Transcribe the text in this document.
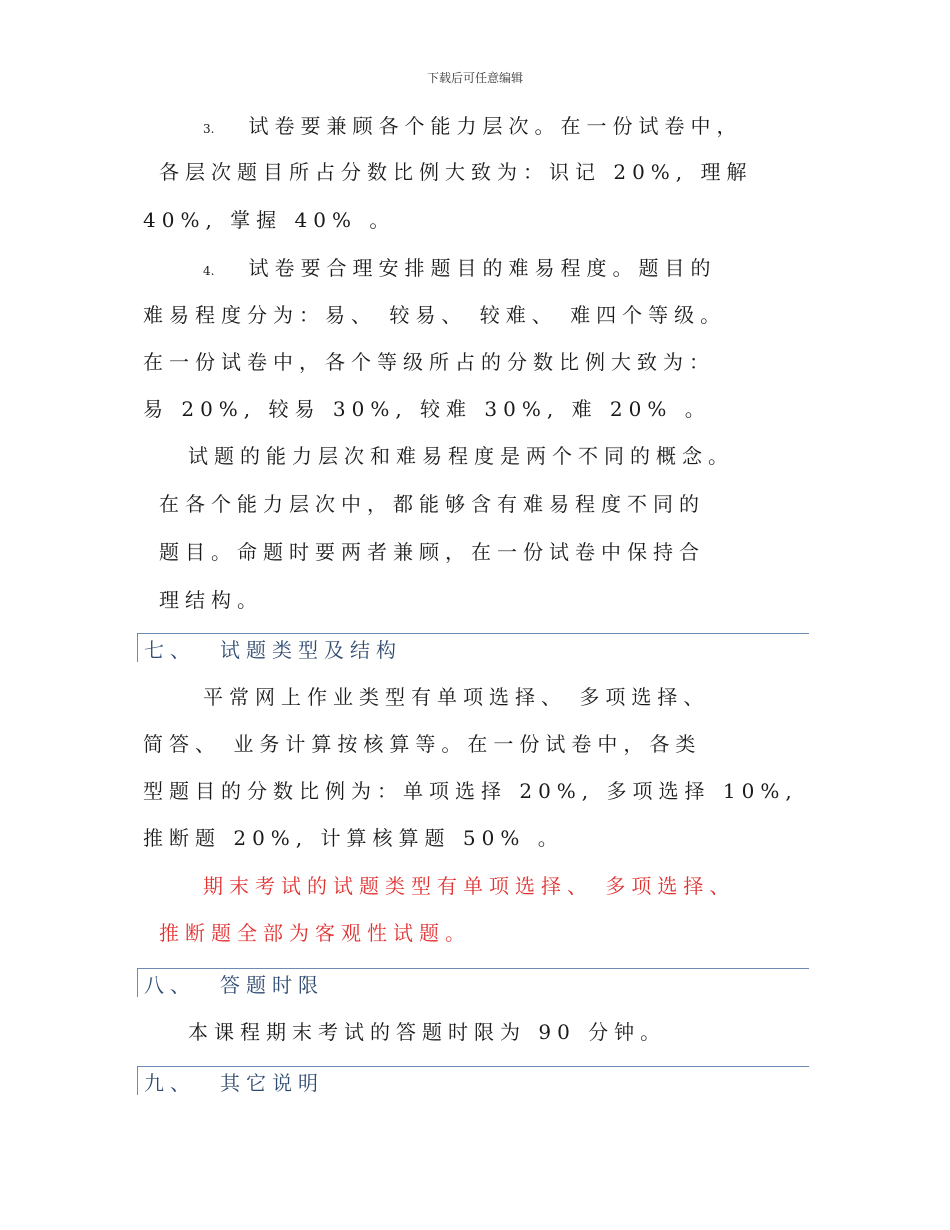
下载后可任意编辑
3. 试卷要兼顾各个能力层次。在一份试卷中，
各层次题目所占分数比例大致为：识记 20%, 理解
40%, 掌握 40% 。
4. 试卷要合理安排题目的难易程度。题目的
难易程度分为：易、 较易、 较难、 难四个等级。
在一份试卷中，各个等级所占的分数比例大致为：
易 20%, 较易 30%, 较难 30%, 难 20% 。
试题的能力层次和难易程度是两个不同的概念。
在各个能力层次中，都能够含有难易程度不同的
题目。命题时要两者兼顾，在一份试卷中保持合
理结构。
七、 试题类型及结构
平常网上作业类型有单项选择、 多项选择、
简答、 业务计算按核算等。在一份试卷中，各类
型题目的分数比例为：单项选择 20%, 多项选择 10%,
推断题 20%, 计算核算题 50% 。
期末考试的试题类型有单项选择、 多项选择、
推断题全部为客观性试题。
八、 答题时限
本课程期末考试的答题时限为 90 分钟。
九、 其它说明
